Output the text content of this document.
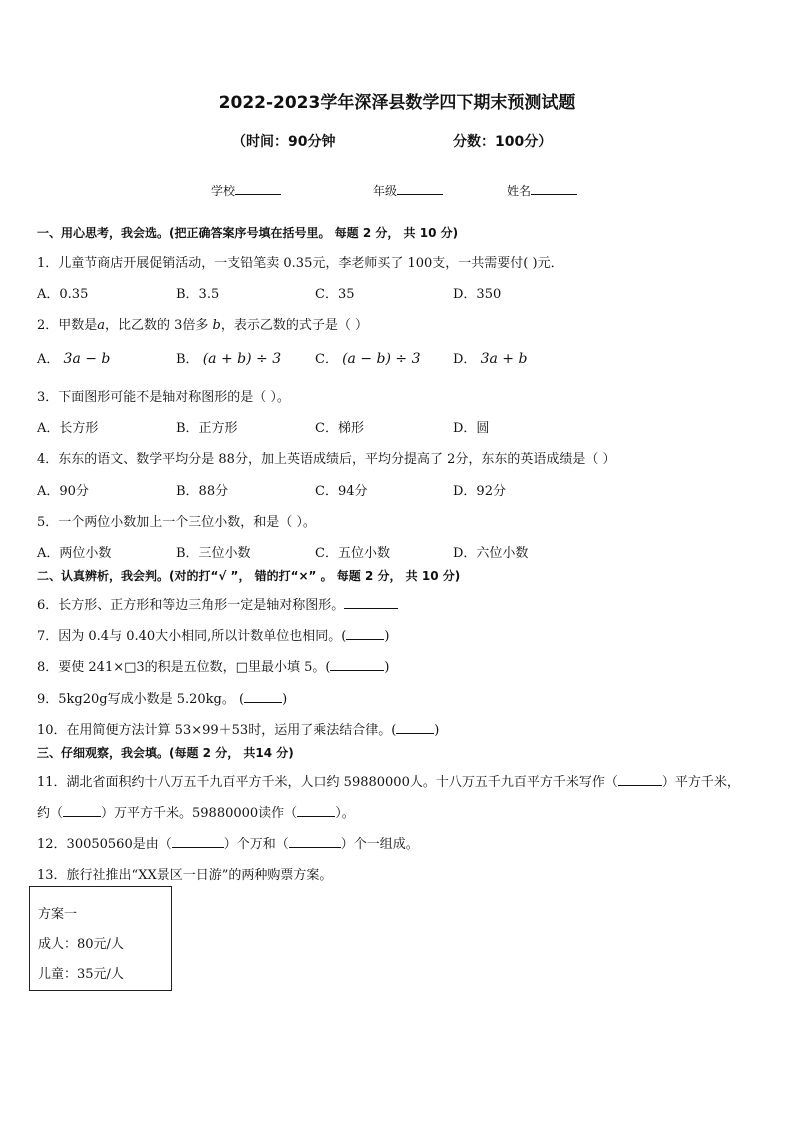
2022-2023学年深泽县数学四下期末预测试题
（时间：90分钟	分数：100分）
学校	年级	姓名
一、用心思考，我会选。(把正确答案序号填在括号里。 每题 2 分， 共 10 分)
1．儿童节商店开展促销活动，一支铅笔卖 0.35元，李老师买了 100支，一共需要付( )元．
A．0.35	B．3.5	C．35	D．350
2．甲数是𝑎，比乙数的 3倍多 𝑏，表示乙数的式子是（ ）
A． 3𝑎 − 𝑏	B． (𝑎 + 𝑏) ÷ 3	C． (𝑎 − 𝑏) ÷ 3	D． 3𝑎 + 𝑏
3．下面图形可能不是轴对称图形的是（ ）。
A．长方形	B．正方形	C．梯形	D．圆
4．东东的语文、数学平均分是 88分，加上英语成绩后，平均分提高了 2分，东东的英语成绩是（ ）
A．90分	B．88分	C．94分	D．92分
5．一个两位小数加上一个三位小数，和是（ ）。
A．两位小数	B．三位小数	C．五位小数	D．六位小数
二、认真辨析，我会判。(对的打“√ ”， 错的打“×” 。 每题 2 分， 共 10 分)
6．长方形、正方形和等边三角形一定是轴对称图形。
7．因为 0.4与 0.40大小相同,所以计数单位也相同。(	)
8．要使 241×□3的积是五位数，□里最小填 5。(	)
9．5kg20g写成小数是 5.20kg。 (	)
10．在用简便方法计算 53×99＋53时，运用了乘法结合律。(	)
三、仔细观察，我会填。(每题 2 分， 共14 分)
11．湖北省面积约十八万五千九百平方千米，人口约 59880000人。十八万五千九百平方千米写作（	）平方千米，
约（	）万平方千米。59880000读作（	）。
12．30050560是由（	）个万和（	）个一组成。
13．旅行社推出“XX景区一日游”的两种购票方案。
方案一
成人：80元/人
儿童：35元/人
